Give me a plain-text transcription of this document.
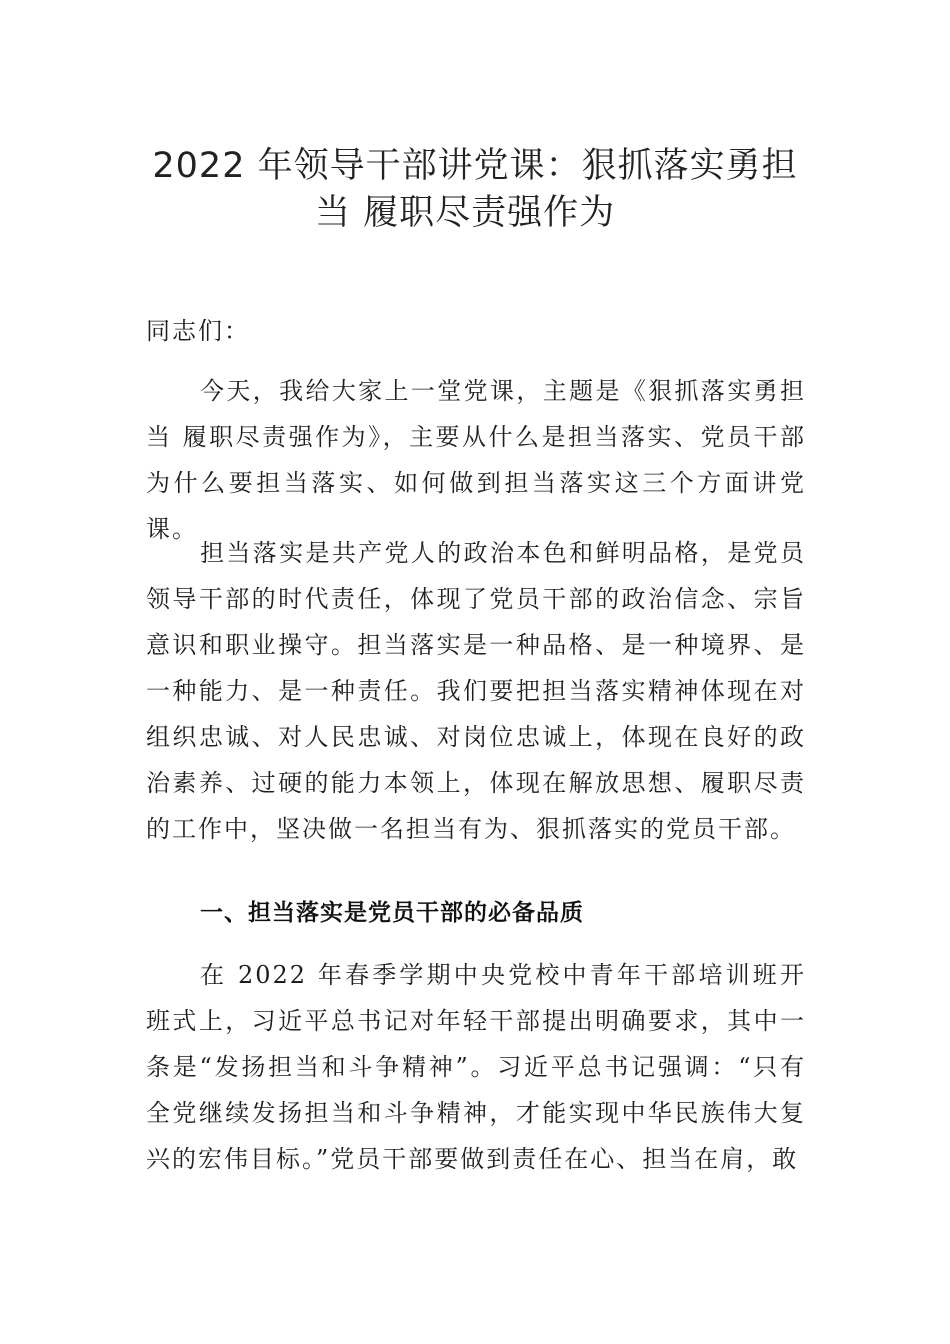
2022 年领导干部讲党课：狠抓落实勇担
当 履职尽责强作为
同志们：
今天，我给大家上一堂党课，主题是《狠抓落实勇担当 履职尽责强作为》，主要从什么是担当落实、党员干部为什么要担当落实、如何做到担当落实这三个方面讲党课。
担当落实是共产党人的政治本色和鲜明品格，是党员领导干部的时代责任，体现了党员干部的政治信念、宗旨意识和职业操守。担当落实是一种品格、是一种境界、是一种能力、是一种责任。我们要把担当落实精神体现在对组织忠诚、对人民忠诚、对岗位忠诚上，体现在良好的政治素养、过硬的能力本领上，体现在解放思想、履职尽责的工作中，坚决做一名担当有为、狠抓落实的党员干部。
一、担当落实是党员干部的必备品质
在 2022 年春季学期中央党校中青年干部培训班开班式上，习近平总书记对年轻干部提出明确要求，其中一条是“发扬担当和斗争精神”。习近平总书记强调：“只有全党继续发扬担当和斗争精神，才能实现中华民族伟大复兴的宏伟目标。”党员干部要做到责任在心、担当在肩，敢
